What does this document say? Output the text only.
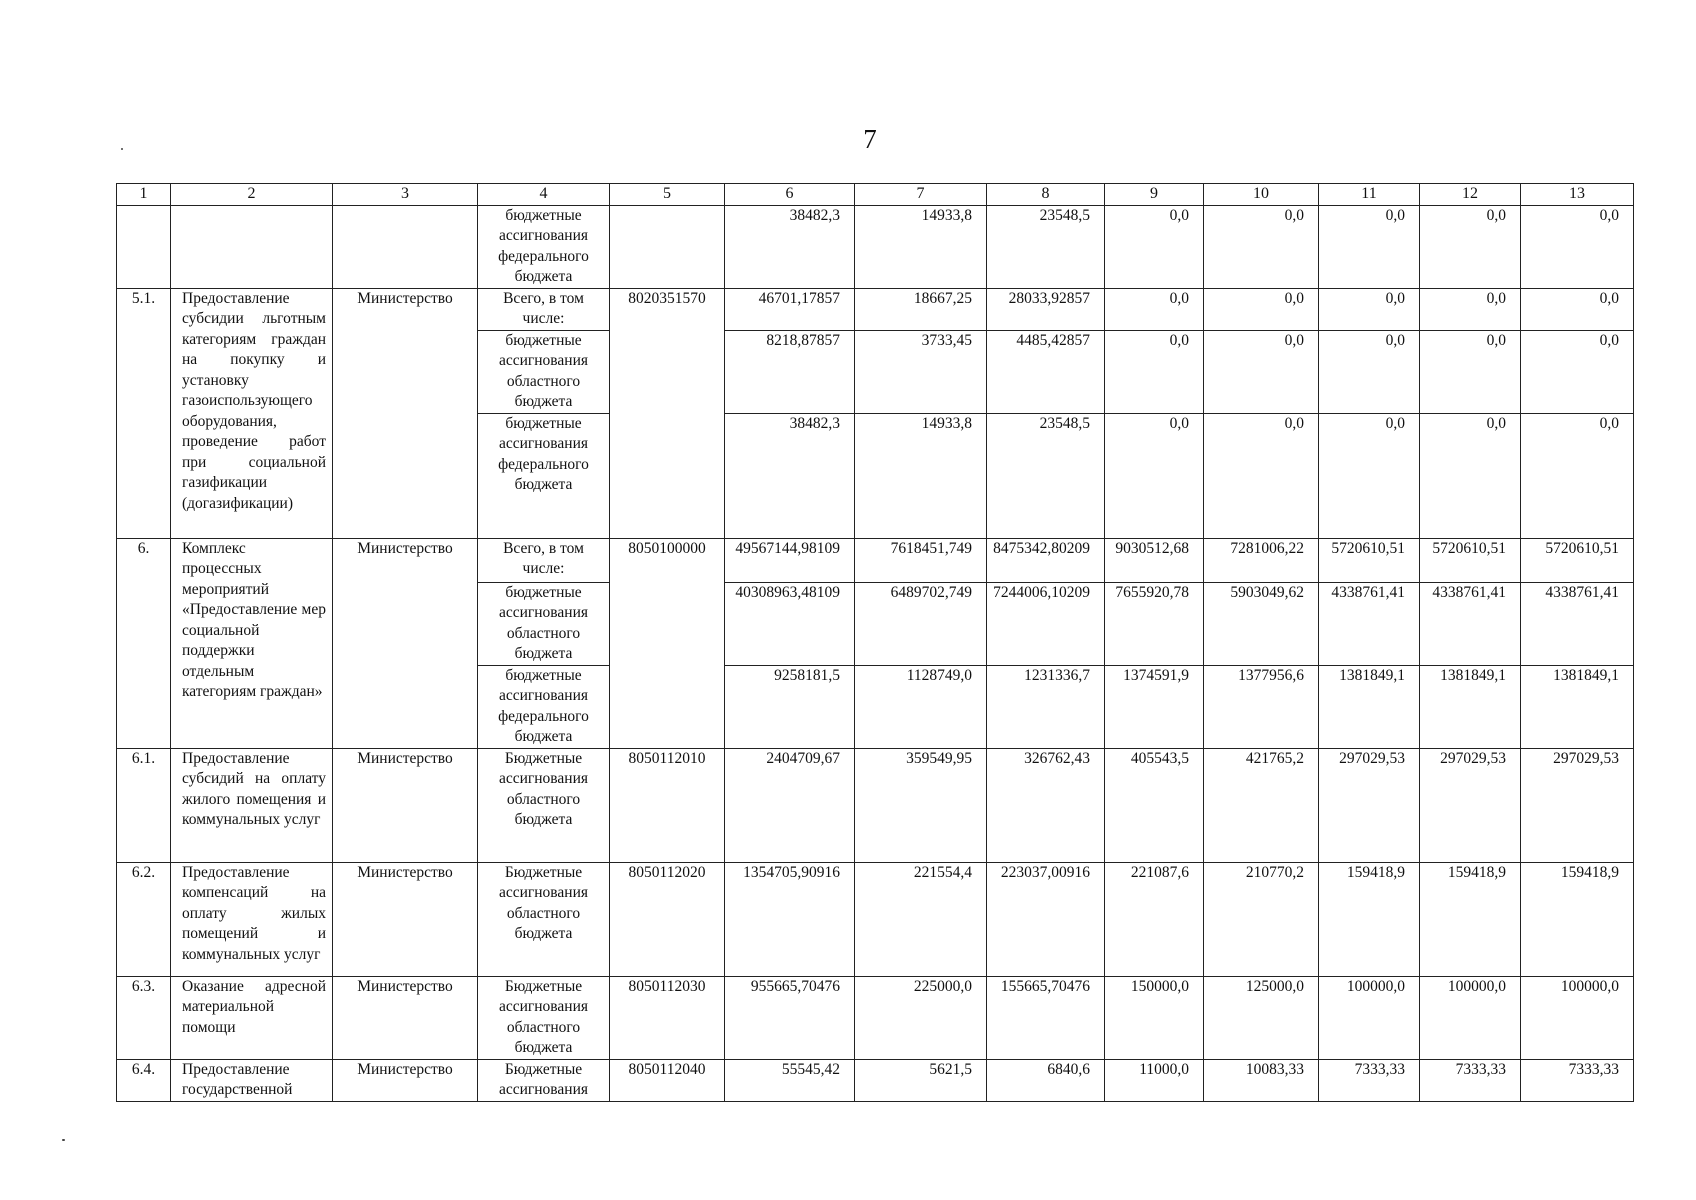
7
1	2	3	4	5	6	7	8	9	10	11	12	13
			бюджетные ассигнования федерального бюджета		38482,3	14933,8	23548,5	0,0	0,0	0,0	0,0	0,0
5.1.	Предоставление субсидии льготным категориям граждан на покупку и установку газоиспользующего оборудования, проведение работ при социальной газификации (догазификации)	Министерство	Всего, в том числе:	8020351570	46701,17857	18667,25	28033,92857	0,0	0,0	0,0	0,0	0,0
			бюджетные ассигнования областного бюджета		8218,87857	3733,45	4485,42857	0,0	0,0	0,0	0,0	0,0
			бюджетные ассигнования федерального бюджета		38482,3	14933,8	23548,5	0,0	0,0	0,0	0,0	0,0
6.	Комплекс процессных мероприятий «Предоставление мер социальной поддержки отдельным категориям граждан»	Министерство	Всего, в том числе:	8050100000	49567144,98109	7618451,749	8475342,80209	9030512,68	7281006,22	5720610,51	5720610,51	5720610,51
			бюджетные ассигнования областного бюджета		40308963,48109	6489702,749	7244006,10209	7655920,78	5903049,62	4338761,41	4338761,41	4338761,41
			бюджетные ассигнования федерального бюджета		9258181,5	1128749,0	1231336,7	1374591,9	1377956,6	1381849,1	1381849,1	1381849,1
6.1.	Предоставление субсидий на оплату жилого помещения и коммунальных услуг	Министерство	Бюджетные ассигнования областного бюджета	8050112010	2404709,67	359549,95	326762,43	405543,5	421765,2	297029,53	297029,53	297029,53
6.2.	Предоставление компенсаций на оплату жилых помещений и коммунальных услуг	Министерство	Бюджетные ассигнования областного бюджета	8050112020	1354705,90916	221554,4	223037,00916	221087,6	210770,2	159418,9	159418,9	159418,9
6.3.	Оказание адресной материальной помощи	Министерство	Бюджетные ассигнования областного бюджета	8050112030	955665,70476	225000,0	155665,70476	150000,0	125000,0	100000,0	100000,0	100000,0
6.4.	Предоставление государственной	Министерство	Бюджетные ассигнования	8050112040	55545,42	5621,5	6840,6	11000,0	10083,33	7333,33	7333,33	7333,33
